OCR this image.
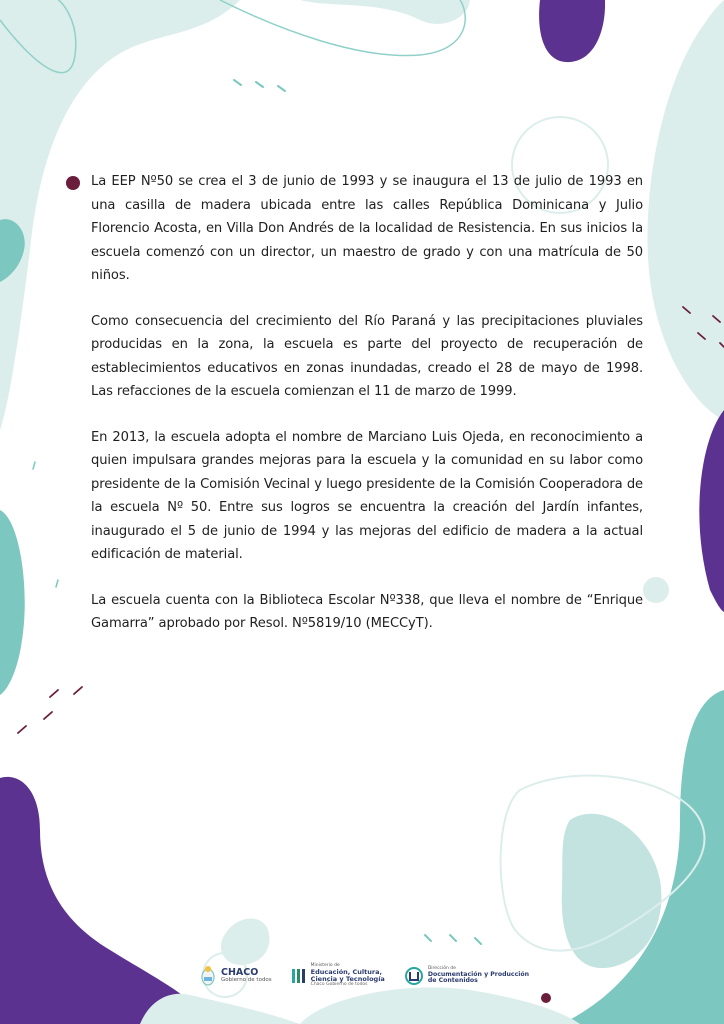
La EEP Nº50 se crea el 3 de junio de 1993 y se inaugura el 13 de julio de 1993 en una casilla de madera ubicada entre las calles República Dominicana y Julio Florencio Acosta, en Villa Don Andrés de la localidad de Resistencia. En sus inicios la escuela comenzó con un director, un maestro de grado y con una matrícula de 50 niños.

Como consecuencia del crecimiento del Río Paraná y las precipitaciones pluviales producidas en la zona, la escuela es parte del proyecto de recuperación de establecimientos educativos en zonas inundadas, creado el 28 de mayo de 1998. Las refacciones de la escuela comienzan el 11 de marzo de 1999.

En 2013, la escuela adopta el nombre de Marciano Luis Ojeda, en reconocimiento a quien impulsara grandes mejoras para la escuela y la comunidad en su labor como presidente de la Comisión Vecinal y luego presidente de la Comisión Cooperadora de la escuela Nº 50. Entre sus logros se encuentra la creación del Jardín infantes, inaugurado el 5 de junio de 1994 y las mejoras del edificio de madera a la actual edificación de material.

La escuela cuenta con la Biblioteca Escolar Nº338, que lleva el nombre de “Enrique Gamarra” aprobado por Resol. Nº5819/10 (MECCyT).

CHACO
Gobierno de todos
Ministerio de
Educación, Cultura,
Ciencia y Tecnología
Chaco Gobierno de todos
Dirección de
Documentación y Producción
de Contenidos
